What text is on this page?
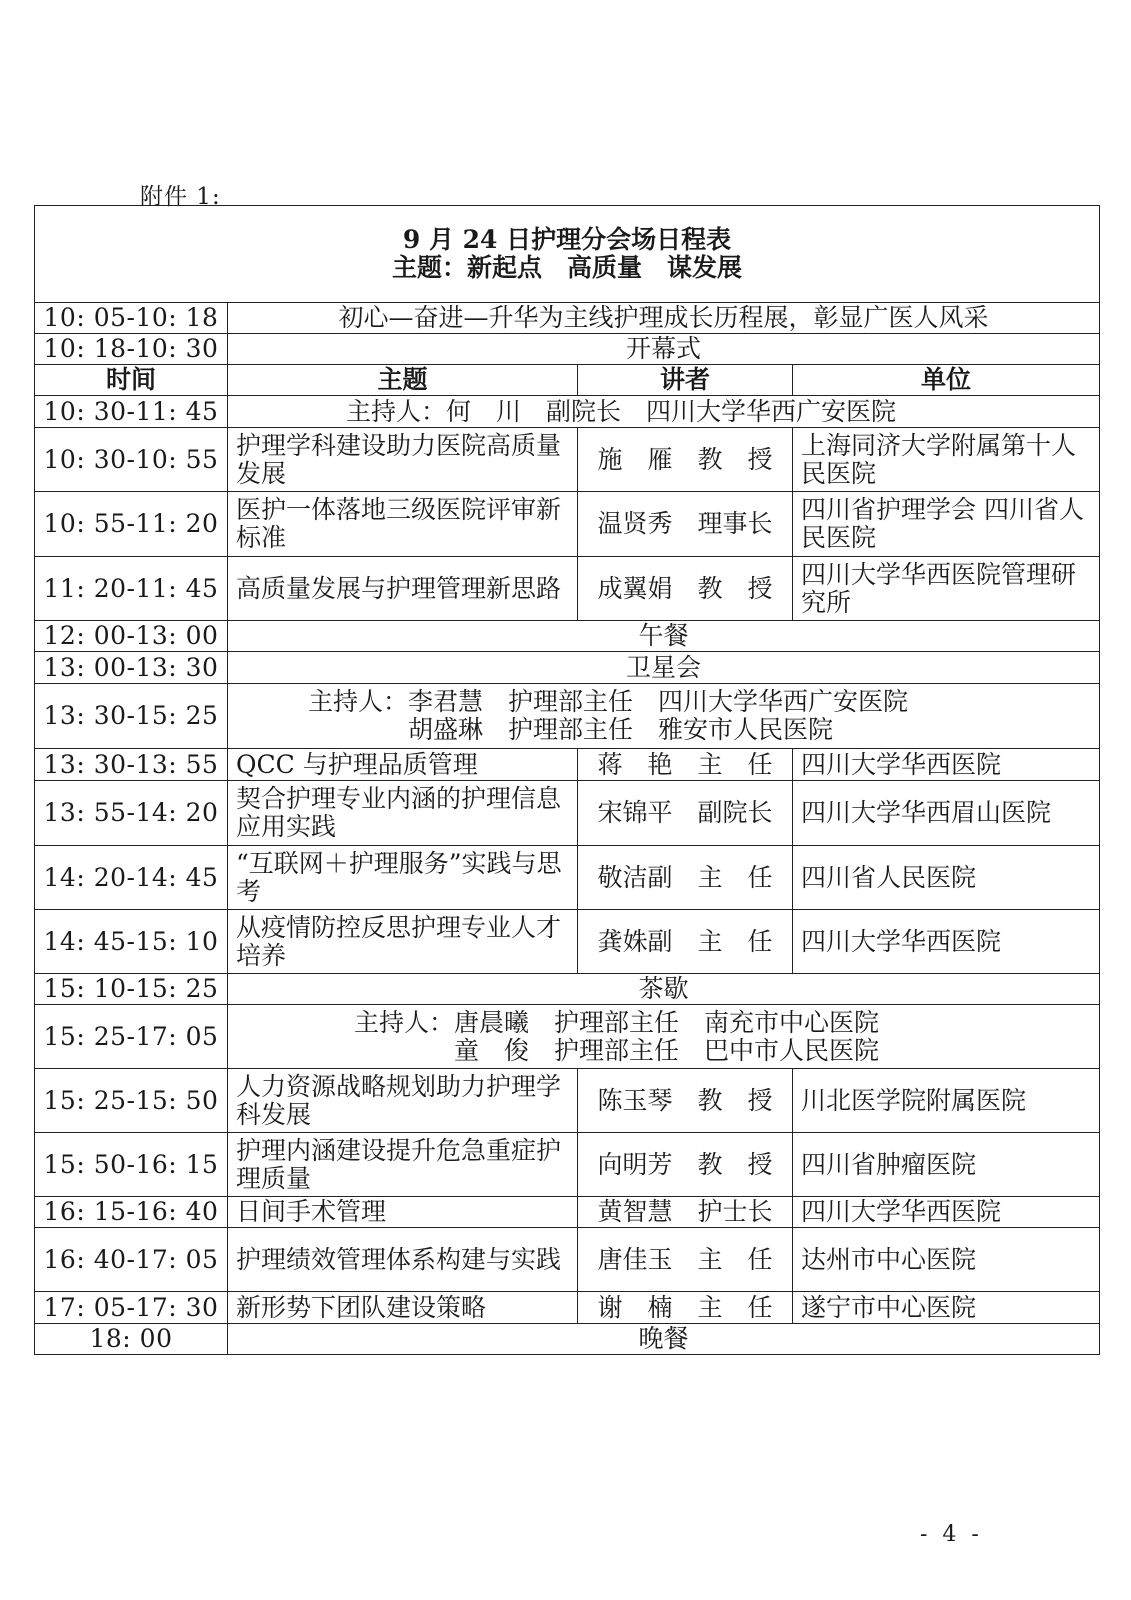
附件 1:
9 月 24 日护理分会场日程表
主题：新起点　高质量　谋发展			

10: 05-10: 18	初心—奋进—升华为主线护理成长历程展，彰显广医人风采		
10: 18-10: 30	开幕式		
时间	主题	讲者	单位
10: 30-11: 45	主持人：何　川　副院长　四川大学华西广安医院		
10: 30-10: 55	护理学科建设助力医院高质量发展	施　雁　教　授	上海同济大学附属第十人民医院
10: 55-11: 20	医护一体落地三级医院评审新标准	温贤秀　理事长	四川省护理学会 四川省人民医院
11: 20-11: 45	高质量发展与护理管理新思路	成翼娟　教　授	四川大学华西医院管理研究所
12: 00-13: 00	午餐		
13: 00-13: 30	卫星会		
13: 30-15: 25	主持人：李君慧　护理部主任　四川大学华西广安医院
　　　　胡盛琳　护理部主任　雅安市人民医院		
13: 30-13: 55	QCC 与护理品质管理	蒋　艳　主　任	四川大学华西医院
13: 55-14: 20	契合护理专业内涵的护理信息应用实践	宋锦平　副院长	四川大学华西眉山医院
14: 20-14: 45	“互联网＋护理服务”实践与思考	敬洁副　主　任	四川省人民医院
14: 45-15: 10	从疫情防控反思护理专业人才培养	龚姝副　主　任	四川大学华西医院
15: 10-15: 25	茶歇		
15: 25-17: 05	主持人：唐晨曦　护理部主任　南充市中心医院
　　　　童　俊　护理部主任　巴中市人民医院		
15: 25-15: 50	人力资源战略规划助力护理学科发展	陈玉琴　教　授	川北医学院附属医院
15: 50-16: 15	护理内涵建设提升危急重症护理质量	向明芳　教　授	四川省肿瘤医院
16: 15-16: 40	日间手术管理	黄智慧　护士长	四川大学华西医院
16: 40-17: 05	护理绩效管理体系构建与实践	唐佳玉　主　任	达州市中心医院
17: 05-17: 30	新形势下团队建设策略	谢　楠　主　任	遂宁市中心医院
18: 00	晚餐		
- 4 -
